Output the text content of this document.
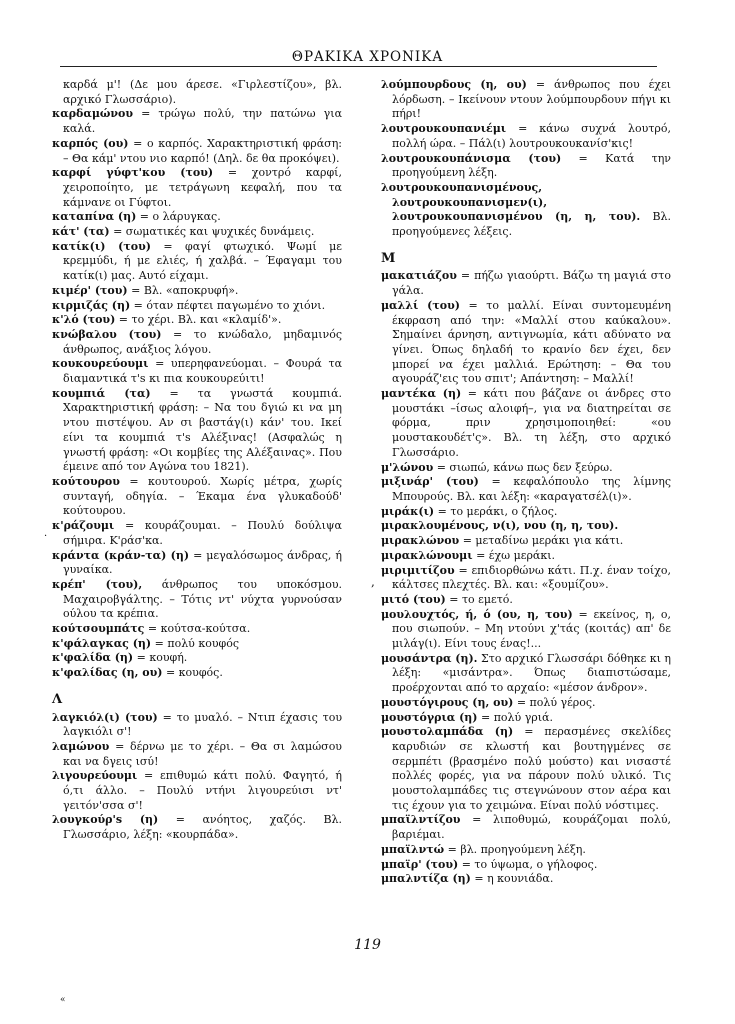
ΘΡΑΚΙΚΑ ΧΡΟΝΙΚΑ

καρδά μ'! (Δε μου άρεσε. «Γιρλεστίζου», βλ. αρχικό Γλωσσάριο).

καρδαμώνου = τρώγω πολύ, την πατώνω για καλά.

καρπός (ου) = ο καρπός. Χαρακτηριστική φράση: – Θα κάμ' ντου νιο καρπό! (Δηλ. δε θα προκόψει).

καρφί γύφτ'κου (του) = χοντρό καρφί, χειροποίητο, με τετράγωνη κεφαλή, που τα κάμνανε οι Γύφτοι.

καταπίνα (η) = ο λάρυγκας.

κάτ' (τα) = σωματικές και ψυχικές δυνάμεις.

κατίκ(ι) (του) = φαγί φτωχικό. Ψωμί με κρεμμύδι, ή με ελιές, ή χαλβά. – Έφαγαμι του κατίκ(ι) μας. Αυτό είχαμι.

κιμέρ' (του) = Βλ. «αποκρυφή».

κιρμιζάς (η) = όταν πέφτει παγωμένο το χιόνι.

κ'λό (του) = το χέρι. Βλ. και «κλαμίδ'».

κνώβαλου (του) = το κνώδαλο, μηδαμινός άνθρωπος, ανάξιος λόγου.

κουκουρεύουμι = υπερηφανεύομαι. – Φουρά τα διαμαντικά τ's κι πια κουκουρεύιτι!

κουμπιά (τα) = τα γνωστά κουμπιά. Χαρακτηριστική φράση: – Να του δγιώ κι να μη ντου πιστέψου. Αν σι βαστάγ(ι) κάν' του. Ικεί είνι τα κουμπιά τ's Αλέξινας! (Ασφαλώς η γνωστή φράση: «Οι κομβίες της Αλέξαινας». Που έμεινε από τον Αγώνα του 1821).

κούτουρου = κουτουρού. Χωρίς μέτρα, χωρίς συνταγή, οδηγία. – Έκαμα ένα γλυκαδούδ' κούτουρου.

κ'ράζουμι = κουράζουμαι. – Πουλύ δούλιψα σήμιρα. Κ'ράσ'κα.

κράντα (κράν-τα) (η) = μεγαλόσωμος άνδρας, ή γυναίκα.

κρέπ' (του), άνθρωπος του υποκόσμου. Μαχαιροβγάλτης. – Τότις ντ' νύχτα γυρνούσαν ούλου τα κρέπια.

κούτσουμπάτς = κούτσα-κούτσα.

κ'φάλαγκας (η) = πολύ κουφός

κ'φαλίδα (η) = κουφή.

κ'φαλίδας (η, ου) = κουφός.

Λ

λαγκιόλ(ι) (του) = το μυαλό. – Ντιπ έχασις του λαγκιόλι σ'!

λαμώνου = δέρνω με το χέρι. – Θα σι λαμώσου και να δγεις ισύ!

λιγουρεύουμι = επιθυμώ κάτι πολύ. Φαγητό, ή ό,τι άλλο. – Πουλύ ντήνι λιγουρεύισι ντ' γειτόν'σσα σ'!

λουγκούρ's (η) = ανόητος, χαζός. Βλ. Γλωσσάριο, λέξη: «κουρπάδα».

λούμπουρδους (η, ου) = άνθρωπος που έχει λόρδωση. – Ικείνουν ντουν λούμπουρδουν πήγι κι πήρι!

λουτρουκουπανιέμι = κάνω συχνά λουτρό, πολλή ώρα. – Πάλ(ι) λουτρουκουκανίσ'κις!

λουτρουκουπάνισμα (του) = Κατά την προηγούμενη λέξη.

λουτρουκουπανισμένους, λουτρουκουπανισμεν(ι), λουτρουκουπανισμένου (η, η, του). Βλ. προηγούμενες λέξεις.

Μ

μακατιάζου = πήζω γιαούρτι. Βάζω τη μαγιά στο γάλα.

μαλλί (του) = το μαλλί. Είναι συντομευμένη έκφραση από την: «Μαλλί στου καύκαλου». Σημαίνει άρνηση, αντιγνωμία, κάτι αδύνατο να γίνει. Όπως δηλαδή το κρανίο δεν έχει, δεν μπορεί να έχει μαλλιά. Ερώτηση: – Θα του αγουράζ'εις του σπιτ'; Απάντηση: – Μαλλί!

μαντέκα (η) = κάτι που βάζανε οι άνδρες στο μουστάκι –ίσως αλοιφή–, για να διατηρείται σε φόρμα, πριν χρησιμοποιηθεί: «ου μουστακουδέτ'ς». Βλ. τη λέξη, στο αρχικό Γλωσσάριο.

μ'λώνου = σιωπώ, κάνω πως δεν ξεύρω.

μιξινάρ' (του) = κεφαλόπουλο της λίμνης Μπουρούς. Βλ. και λέξη: «καραγατσέλ(ι)».

μιράκ(ι) = το μεράκι, ο ζήλος.

μιρακλουμένους, ν(ι), νου (η, η, του).

μιρακλώνου = μεταδίνω μεράκι για κάτι.

μιρακλώνουμι = έχω μεράκι.

μιριμιτίζου = επιδιορθώνω κάτι. Π.χ. έναν τοίχο, κάλτσες πλεχτές. Βλ. και: «ξουμίζου».

μιτό (του) = το εμετό.

μουλουχτός, ή, ό (ου, η, του) = εκείνος, η, ο, που σιωπούν. – Μη ντούνι χ'τάς (κοιτάς) απ' δε μιλάγ(ι). Είνι τους ένας!...

μουσάντρα (η). Στο αρχικό Γλωσσάρι δόθηκε κι η λέξη: «μισάντρα». Όπως διαπιστώσαμε, προέρχονται από το αρχαίο: «μέσον άνδρον».

μουστόγιρους (η, ου) = πολύ γέρος.

μουστόγρια (η) = πολύ γριά.

μουστολαμπάδα (η) = περασμένες σκελίδες καρυδιών σε κλωστή και βουτηγμένες σε σερμπέτι (βρασμένο πολύ μούστο) και νισαστέ πολλές φορές, για να πάρουν πολύ υλικό. Τις μουστολαμπάδες τις στεγνώνουν στον αέρα και τις έχουν για το χειμώνα. Είναι πολύ νόστιμες.

μπαϊλντίζου = λιποθυμώ, κουράζομαι πολύ, βαριέμαι.

μπαϊλντώ = βλ. προηγούμενη λέξη.

μπαϊρ' (του) = το ύψωμα, ο γήλοφος.

μπαλντίζα (η) = η κουνιάδα.

119
·
,
«
